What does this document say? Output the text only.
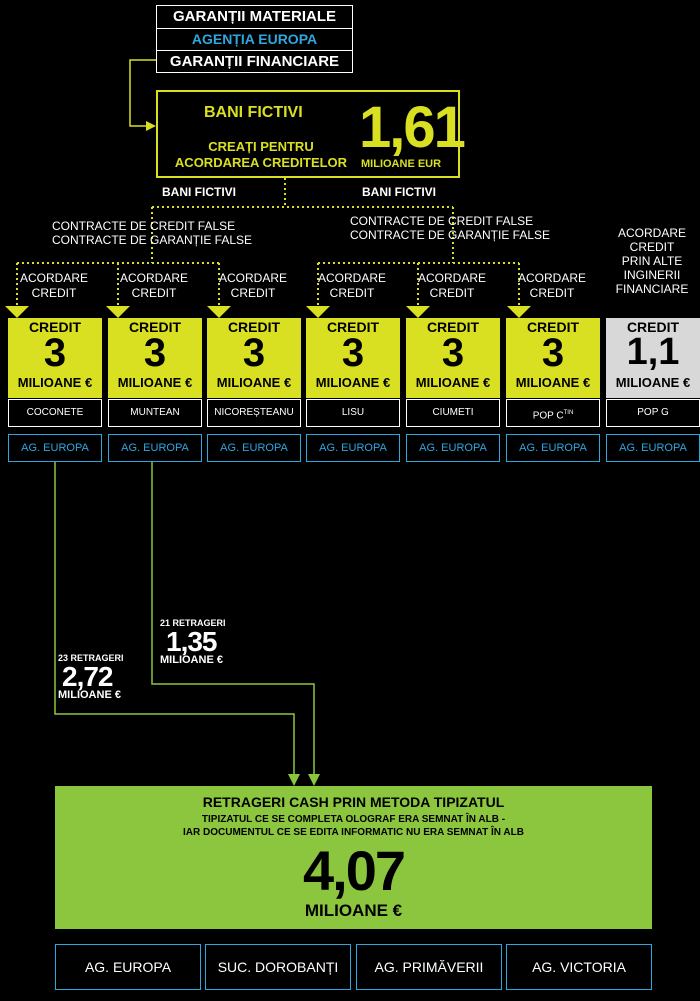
GARANȚII MATERIALE
AGENȚIA EUROPA
GARANȚII FINANCIARE
BANI FICTIVI
CREAȚI PENTRU
ACORDAREA CREDITELOR
1,61
MILIOANE EUR
BANI FICTIVI	BANI FICTIVI
CONTRACTE DE CREDIT FALSE
CONTRACTE DE GARANȚIE FALSE
CONTRACTE DE CREDIT FALSE
CONTRACTE DE GARANȚIE FALSE	ACORDARE
CREDIT
PRIN ALTE
INGINERII
FINANCIARE
ACORDARE
CREDIT
CREDIT
3
MILIOANE €
COCONETE
AG. EUROPA
ACORDARE
CREDIT
CREDIT
3
MILIOANE €
MUNTEAN
AG. EUROPA
ACORDARE
CREDIT
CREDIT
3
MILIOANE €
NICOREȘTEANU
AG. EUROPA
ACORDARE
CREDIT
CREDIT
3
MILIOANE €
LISU
AG. EUROPA
ACORDARE
CREDIT
CREDIT
3
MILIOANE €
CIUMETI
AG. EUROPA
ACORDARE
CREDIT
CREDIT
3
MILIOANE €
POP $C^{TIN}$
AG. EUROPA
CREDIT
1,1
MILIOANE €
POP G
AG. EUROPA
23 RETRAGERI
2,72
MILIOANE €
21 RETRAGERI
1,35
MILIOANE €
RETRAGERI CASH PRIN METODA TIPIZATUL
TIPIZATUL CE SE COMPLETA OLOGRAF ERA SEMNAT ÎN ALB -
IAR DOCUMENTUL CE SE EDITA INFORMATIC NU ERA SEMNAT ÎN ALB
4,07
MILIOANE €
AG. EUROPA	SUC. DOROBANȚI	AG. PRIMĂVERII	AG. VICTORIA
